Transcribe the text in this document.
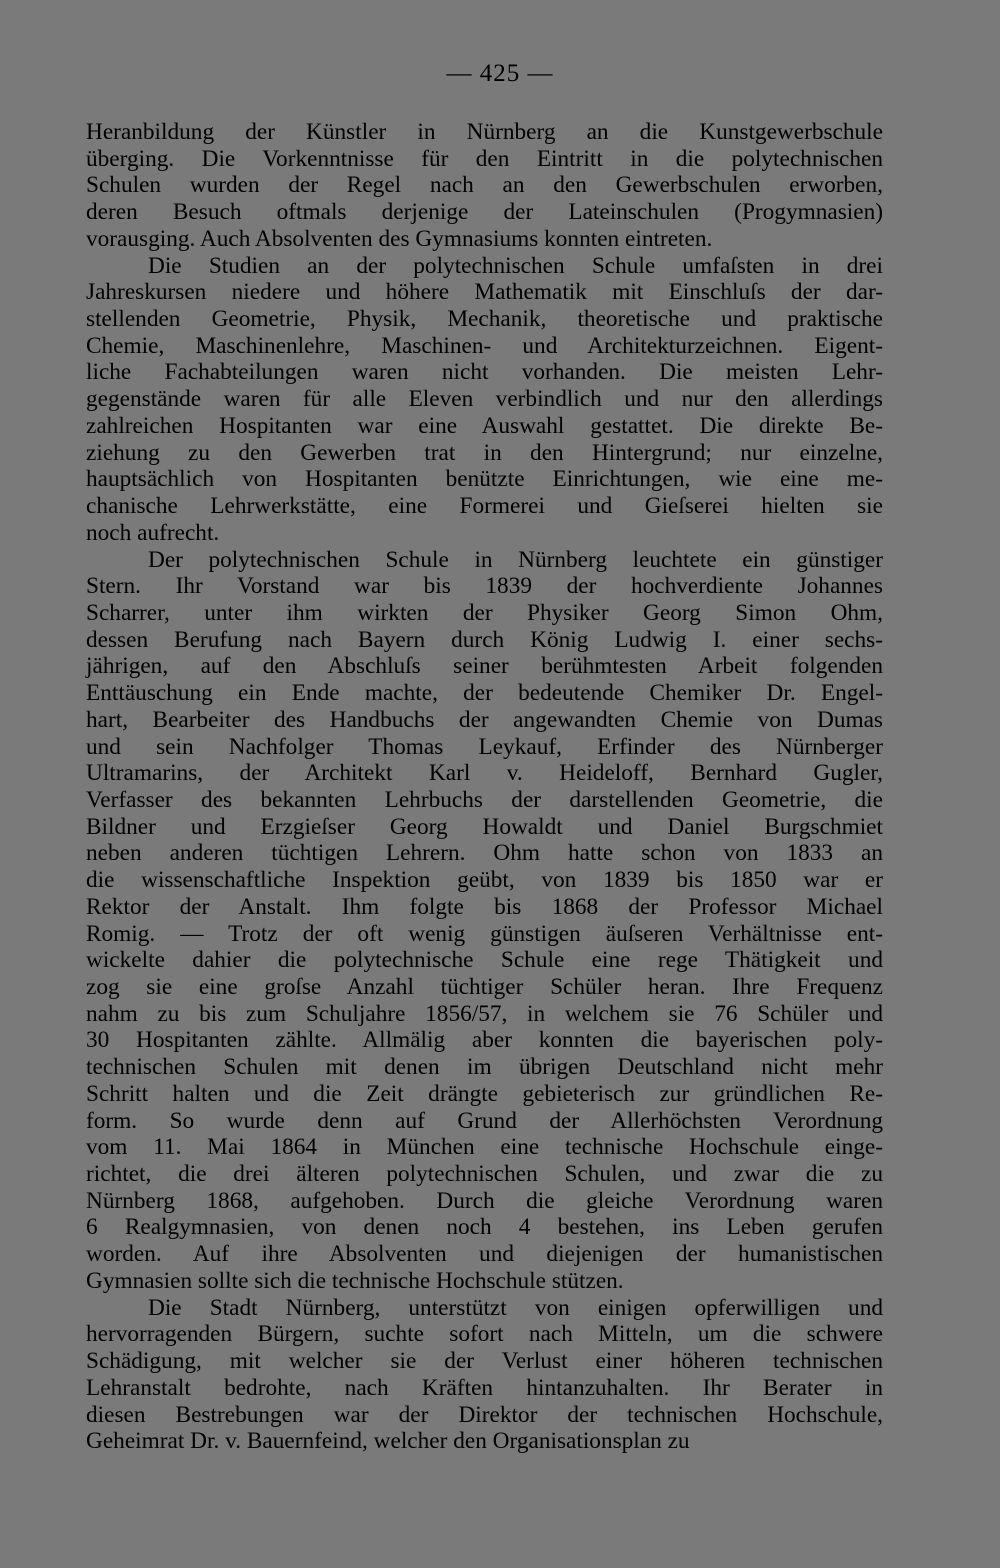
— 425 —
Heranbildung der Künstler in Nürnberg an die Kunstgewerbschule
überging. Die Vorkenntnisse für den Eintritt in die polytechnischen
Schulen wurden der Regel nach an den Gewerbschulen erworben,
deren Besuch oftmals derjenige der Lateinschulen (Progymnasien)
vorausging. Auch Absolventen des Gymnasiums konnten eintreten.
Die Studien an der polytechnischen Schule umfaſsten in drei
Jahreskursen niedere und höhere Mathematik mit Einschluſs der dar-
stellenden Geometrie, Physik, Mechanik, theoretische und praktische
Chemie, Maschinenlehre, Maschinen- und Architekturzeichnen. Eigent-
liche Fachabteilungen waren nicht vorhanden. Die meisten Lehr-
gegenstände waren für alle Eleven verbindlich und nur den allerdings
zahlreichen Hospitanten war eine Auswahl gestattet. Die direkte Be-
ziehung zu den Gewerben trat in den Hintergrund; nur einzelne,
hauptsächlich von Hospitanten benützte Einrichtungen, wie eine me-
chanische Lehrwerkstätte, eine Formerei und Gieſserei hielten sie
noch aufrecht.
Der polytechnischen Schule in Nürnberg leuchtete ein günstiger
Stern. Ihr Vorstand war bis 1839 der hochverdiente Johannes
Scharrer, unter ihm wirkten der Physiker Georg Simon Ohm,
dessen Berufung nach Bayern durch König Ludwig I. einer sechs-
jährigen, auf den Abschluſs seiner berühmtesten Arbeit folgenden
Enttäuschung ein Ende machte, der bedeutende Chemiker Dr. Engel-
hart, Bearbeiter des Handbuchs der angewandten Chemie von Dumas
und sein Nachfolger Thomas Leykauf, Erfinder des Nürnberger
Ultramarins, der Architekt Karl v. Heideloff, Bernhard Gugler,
Verfasser des bekannten Lehrbuchs der darstellenden Geometrie, die
Bildner und Erzgieſser Georg Howaldt und Daniel Burgschmiet
neben anderen tüchtigen Lehrern. Ohm hatte schon von 1833 an
die wissenschaftliche Inspektion geübt, von 1839 bis 1850 war er
Rektor der Anstalt. Ihm folgte bis 1868 der Professor Michael
Romig. — Trotz der oft wenig günstigen äuſseren Verhältnisse ent-
wickelte dahier die polytechnische Schule eine rege Thätigkeit und
zog sie eine groſse Anzahl tüchtiger Schüler heran. Ihre Frequenz
nahm zu bis zum Schuljahre 1856/57, in welchem sie 76 Schüler und
30 Hospitanten zählte. Allmälig aber konnten die bayerischen poly-
technischen Schulen mit denen im übrigen Deutschland nicht mehr
Schritt halten und die Zeit drängte gebieterisch zur gründlichen Re-
form. So wurde denn auf Grund der Allerhöchsten Verordnung
vom 11. Mai 1864 in München eine technische Hochschule einge-
richtet, die drei älteren polytechnischen Schulen, und zwar die zu
Nürnberg 1868, aufgehoben. Durch die gleiche Verordnung waren
6 Realgymnasien, von denen noch 4 bestehen, ins Leben gerufen
worden. Auf ihre Absolventen und diejenigen der humanistischen
Gymnasien sollte sich die technische Hochschule stützen.
Die Stadt Nürnberg, unterstützt von einigen opferwilligen und
hervorragenden Bürgern, suchte sofort nach Mitteln, um die schwere
Schädigung, mit welcher sie der Verlust einer höheren technischen
Lehranstalt bedrohte, nach Kräften hintanzuhalten. Ihr Berater in
diesen Bestrebungen war der Direktor der technischen Hochschule,
Geheimrat Dr. v. Bauernfeind, welcher den Organisationsplan zu
